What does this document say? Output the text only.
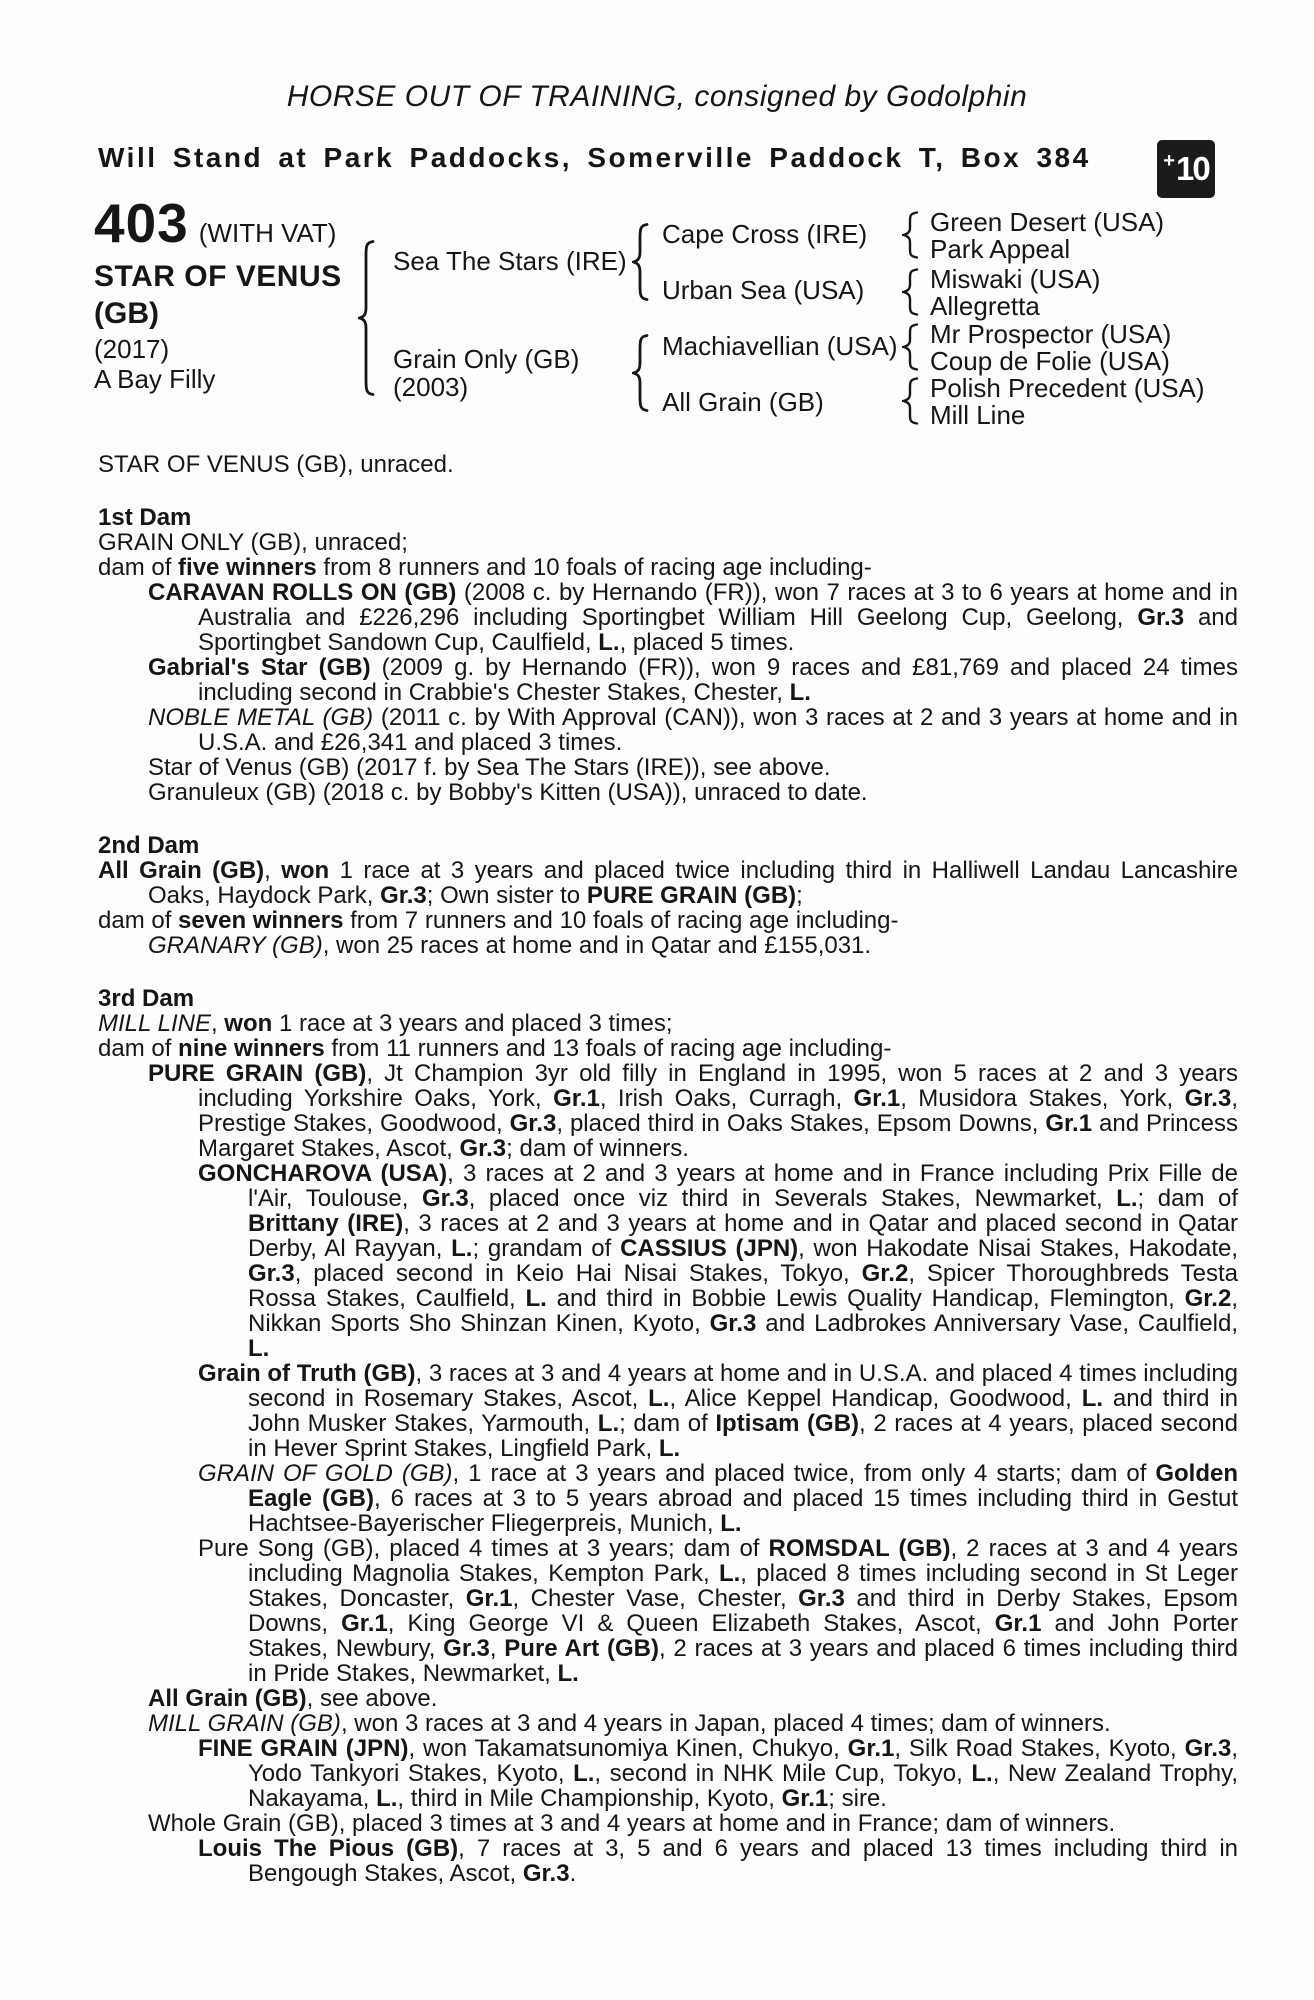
HORSE OUT OF TRAINING, consigned by Godolphin
Will Stand at Park Paddocks, Somerville Paddock T, Box 384	+ 10
403 (WITH VAT)
STAR OF VENUS
(GB)
(2017)
A Bay Filly
Sea The Stars (IRE)
Grain Only (GB)
(2003)
Cape Cross (IRE)
Urban Sea (USA)
Machiavellian (USA)
All Grain (GB)
Green Desert (USA)
Park Appeal
Miswaki (USA)
Allegretta
Mr Prospector (USA)
Coup de Folie (USA)
Polish Precedent (USA)
Mill Line
STAR OF VENUS (GB), unraced.
1st Dam
GRAIN ONLY (GB), unraced;
dam of five winners from 8 runners and 10 foals of racing age including-
CARAVAN ROLLS ON (GB) (2008 c. by Hernando (FR)), won 7 races at 3 to 6 years at home and in Australia and £226,296 including Sportingbet William Hill Geelong Cup, Geelong, Gr.3 and Sportingbet Sandown Cup, Caulfield, L., placed 5 times.
Gabrial's Star (GB) (2009 g. by Hernando (FR)), won 9 races and £81,769 and placed 24 times including second in Crabbie's Chester Stakes, Chester, L.
NOBLE METAL (GB) (2011 c. by With Approval (CAN)), won 3 races at 2 and 3 years at home and in U.S.A. and £26,341 and placed 3 times.
Star of Venus (GB) (2017 f. by Sea The Stars (IRE)), see above.
Granuleux (GB) (2018 c. by Bobby's Kitten (USA)), unraced to date.
2nd Dam
All Grain (GB), won 1 race at 3 years and placed twice including third in Halliwell Landau Lancashire Oaks, Haydock Park, Gr.3; Own sister to PURE GRAIN (GB);
dam of seven winners from 7 runners and 10 foals of racing age including-
GRANARY (GB), won 25 races at home and in Qatar and £155,031.
3rd Dam
MILL LINE, won 1 race at 3 years and placed 3 times;
dam of nine winners from 11 runners and 13 foals of racing age including-
PURE GRAIN (GB), Jt Champion 3yr old filly in England in 1995, won 5 races at 2 and 3 years including Yorkshire Oaks, York, Gr.1, Irish Oaks, Curragh, Gr.1, Musidora Stakes, York, Gr.3, Prestige Stakes, Goodwood, Gr.3, placed third in Oaks Stakes, Epsom Downs, Gr.1 and Princess Margaret Stakes, Ascot, Gr.3; dam of winners.
GONCHAROVA (USA), 3 races at 2 and 3 years at home and in France including Prix Fille de l'Air, Toulouse, Gr.3, placed once viz third in Severals Stakes, Newmarket, L.; dam of Brittany (IRE), 3 races at 2 and 3 years at home and in Qatar and placed second in Qatar Derby, Al Rayyan, L.; grandam of CASSIUS (JPN), won Hakodate Nisai Stakes, Hakodate, Gr.3, placed second in Keio Hai Nisai Stakes, Tokyo, Gr.2, Spicer Thoroughbreds Testa Rossa Stakes, Caulfield, L. and third in Bobbie Lewis Quality Handicap, Flemington, Gr.2, Nikkan Sports Sho Shinzan Kinen, Kyoto, Gr.3 and Ladbrokes Anniversary Vase, Caulfield, L.
Grain of Truth (GB), 3 races at 3 and 4 years at home and in U.S.A. and placed 4 times including second in Rosemary Stakes, Ascot, L., Alice Keppel Handicap, Goodwood, L. and third in John Musker Stakes, Yarmouth, L.; dam of Iptisam (GB), 2 races at 4 years, placed second in Hever Sprint Stakes, Lingfield Park, L.
GRAIN OF GOLD (GB), 1 race at 3 years and placed twice, from only 4 starts; dam of Golden Eagle (GB), 6 races at 3 to 5 years abroad and placed 15 times including third in Gestut Hachtsee-Bayerischer Fliegerpreis, Munich, L.
Pure Song (GB), placed 4 times at 3 years; dam of ROMSDAL (GB), 2 races at 3 and 4 years including Magnolia Stakes, Kempton Park, L., placed 8 times including second in St Leger Stakes, Doncaster, Gr.1, Chester Vase, Chester, Gr.3 and third in Derby Stakes, Epsom Downs, Gr.1, King George VI & Queen Elizabeth Stakes, Ascot, Gr.1 and John Porter Stakes, Newbury, Gr.3, Pure Art (GB), 2 races at 3 years and placed 6 times including third in Pride Stakes, Newmarket, L.
All Grain (GB), see above.
MILL GRAIN (GB), won 3 races at 3 and 4 years in Japan, placed 4 times; dam of winners.
FINE GRAIN (JPN), won Takamatsunomiya Kinen, Chukyo, Gr.1, Silk Road Stakes, Kyoto, Gr.3, Yodo Tankyori Stakes, Kyoto, L., second in NHK Mile Cup, Tokyo, L., New Zealand Trophy, Nakayama, L., third in Mile Championship, Kyoto, Gr.1; sire.
Whole Grain (GB), placed 3 times at 3 and 4 years at home and in France; dam of winners.
Louis The Pious (GB), 7 races at 3, 5 and 6 years and placed 13 times including third in Bengough Stakes, Ascot, Gr.3.
